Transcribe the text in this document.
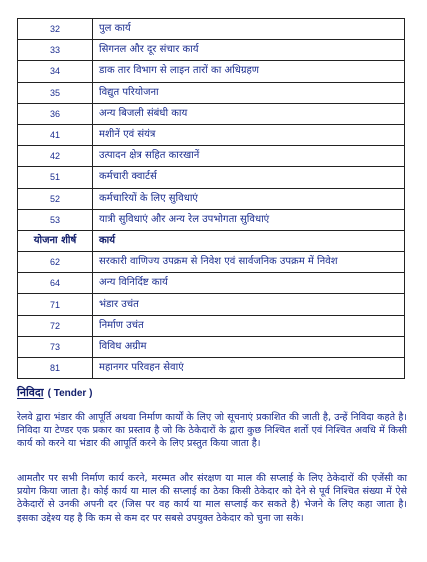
32	पुल कार्य
33	सिगनल और दूर संचार कार्य
34	डाक तार विभाग से लाइन तारों का अधिग्रहण
35	विद्युत परियोजना
36	अन्य बिजली संबंधी काय
41	मशीनें एवं संयंत्र
42	उत्पादन क्षेत्र सहित कारखानें
51	कर्मचारी क्वार्टर्स
52	कर्मचारियों के लिए सुविधाएं
53	यात्री सुविधाएं और अन्य रेल उपभोगता सुविधाएं
योजना शीर्ष	कार्य
62	सरकारी वाणिज्य उपक्रम से निवेश एवं सार्वजनिक उपक्रम में निवेश
64	अन्य विनिर्दिष्ट कार्य
71	भंडार उचंत
72	निर्माण उचंत
73	विविध अग्रीम
81	महानगर परिवहन सेवाएं
निविदा ( Tender )

रेलवे द्वारा भंडार की आपूर्ति अथवा निर्माण कार्यों के लिए जो सूचनाएं प्रकाशित की जाती है, उन्हें निविदा कहते है। निविदा या टेण्डर एक प्रकार का प्रस्ताव है जो कि ठेकेदारों के द्वारा कुछ निश्चित शर्तो एवं निश्चित अवधि में किसी कार्य को करने या भंडार की आपूर्ति करने के लिए प्रस्तुत किया जाता है।

आमतौर पर सभी निर्माण कार्य करने, मरम्मत और संरक्षण या माल की सप्लाई के लिए ठेकेदारों की एजेंसी का प्रयोग किया जाता है। कोई कार्य या माल की सप्लाई का ठेका किसी ठेकेदार को देने से पूर्व निश्चित संख्या में ऐसे ठेकेदारों से उनकी अपनी दर (जिस पर वह कार्य या माल सप्लाई कर सकते है) भेजने के लिए कहा जाता है। इसका उद्देश्य यह है कि कम से कम दर पर सबसे उपयुक्त ठेकेदार को चुना जा सके।
